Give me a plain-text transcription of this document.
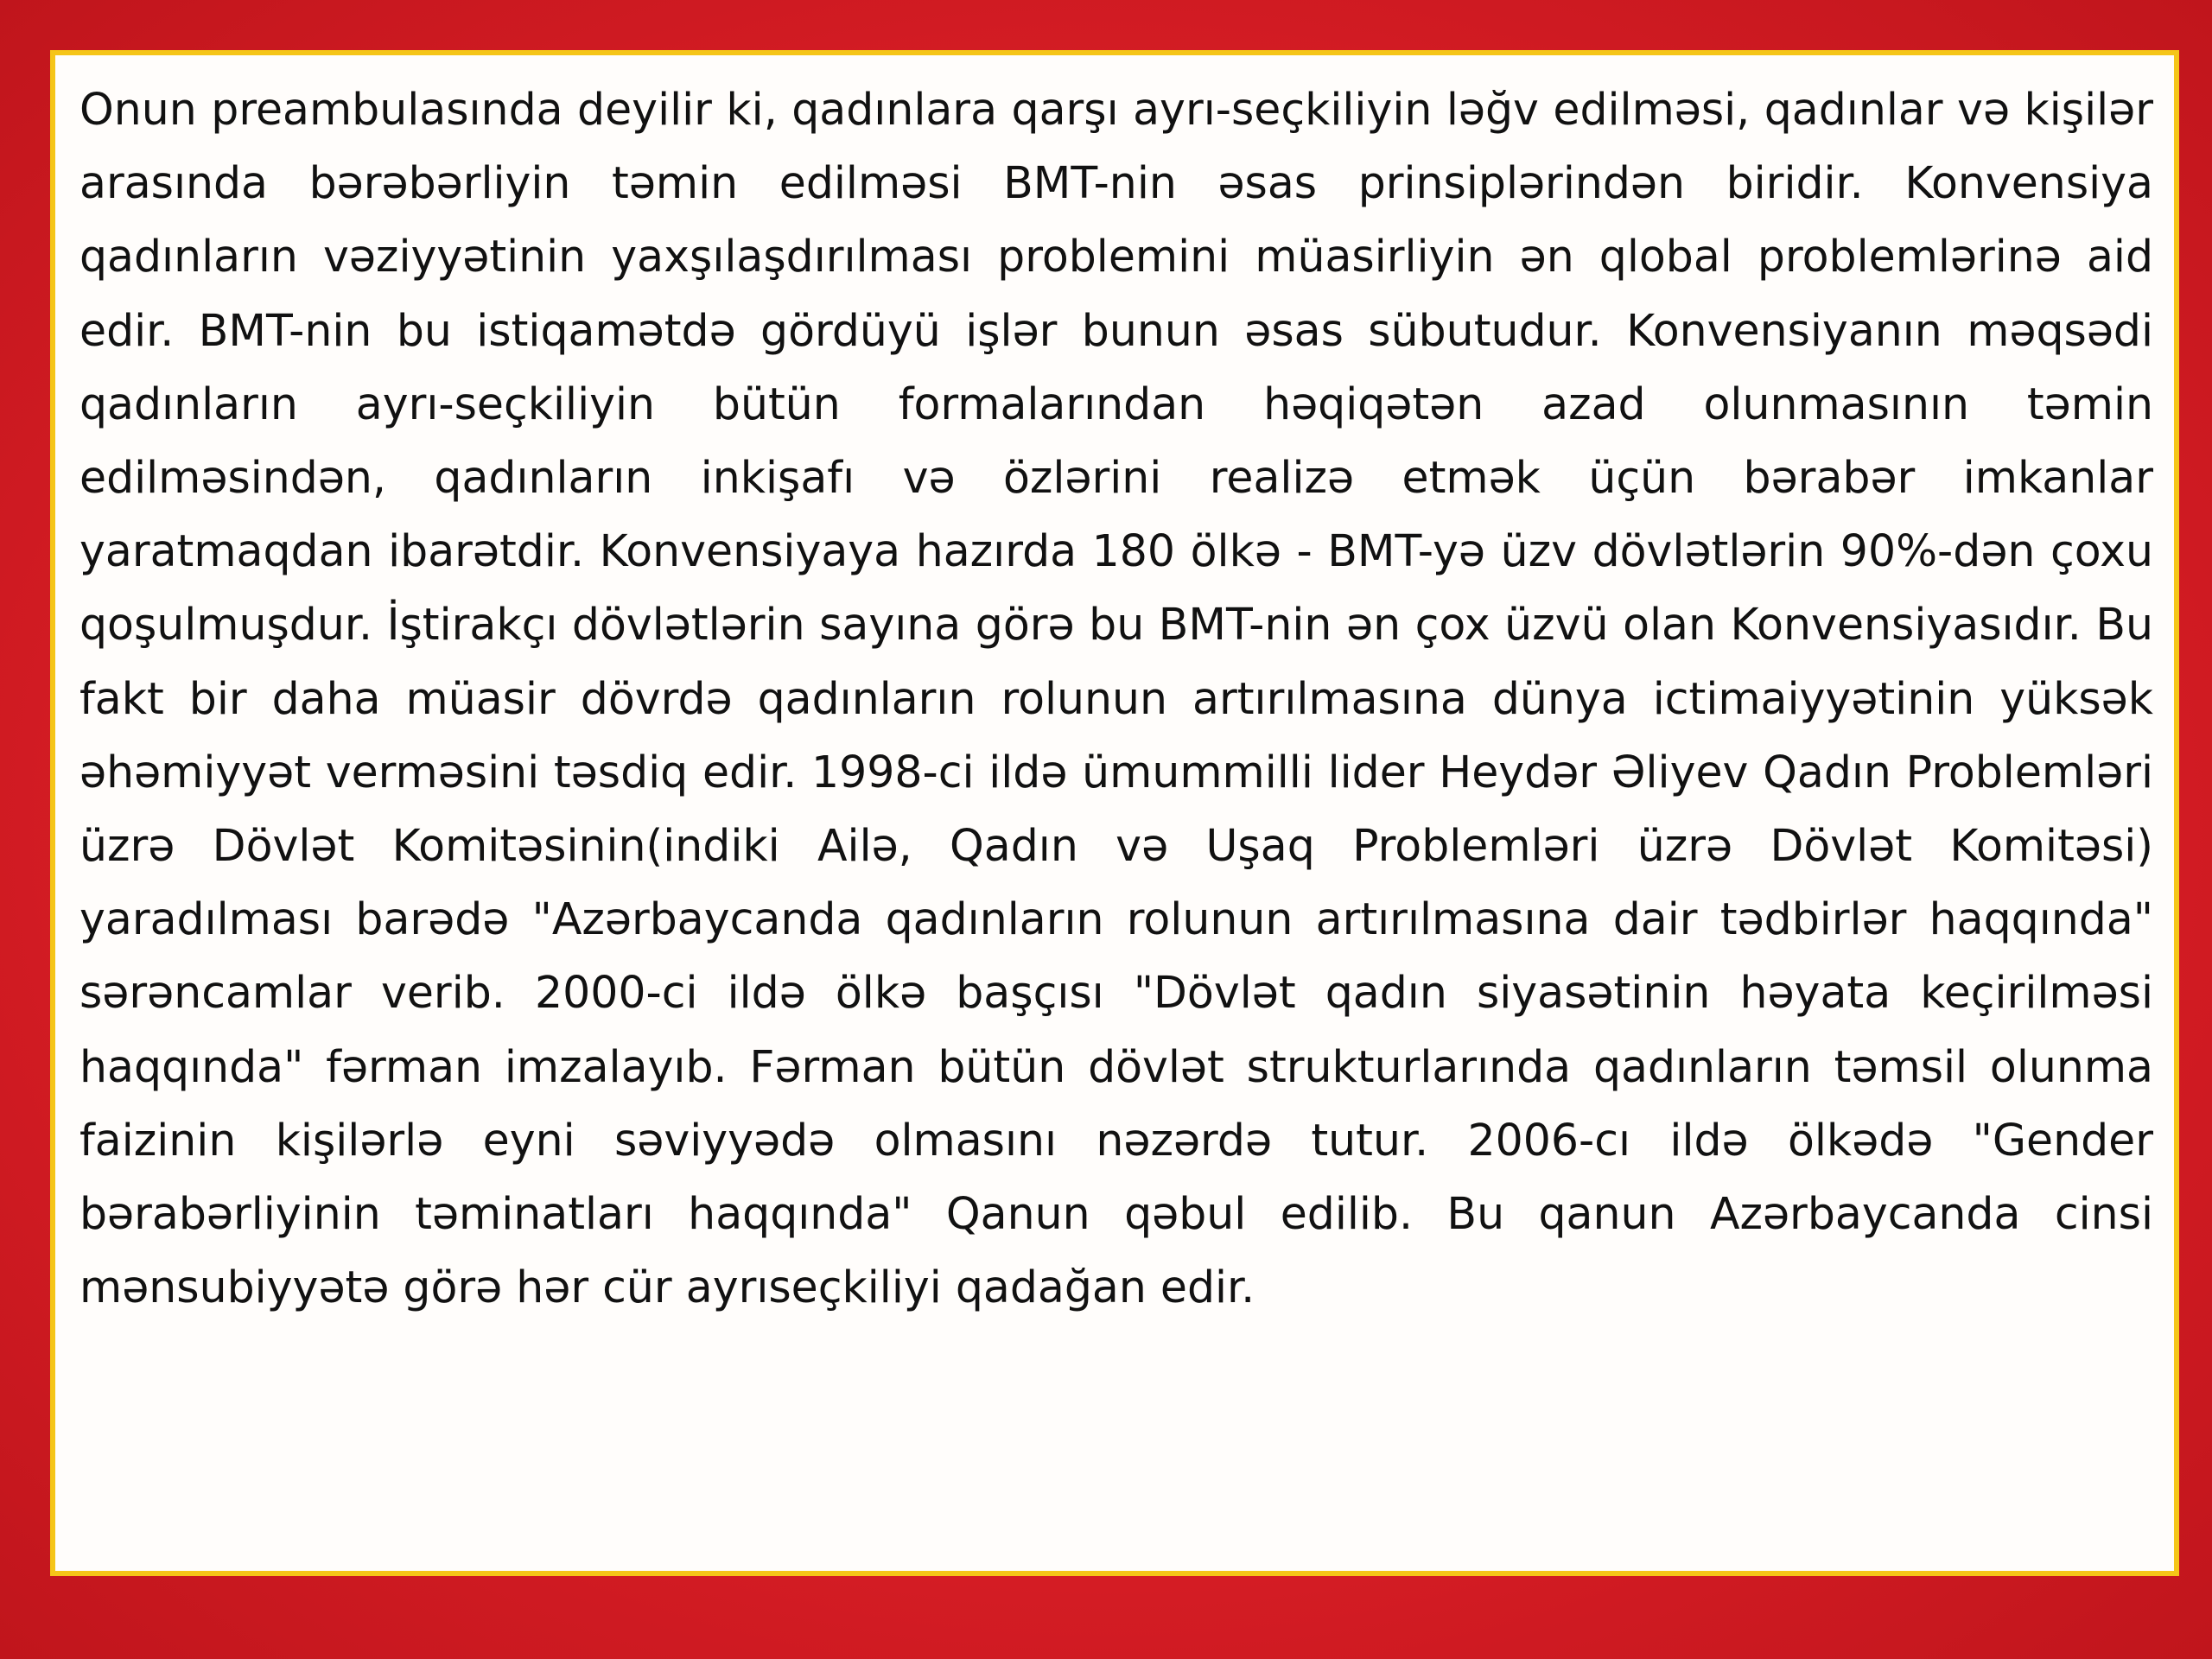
Onun preambulasında deyilir ki, qadınlara qarşı ayrı-seçkiliyin ləğv edilməsi, qadınlar və kişilər arasında bərəbərliyin təmin edilməsi BMT-nin əsas prinsiplərindən biridir. Konvensiya qadınların vəziyyətinin yaxşılaşdırılması problemini müasirliyin ən qlobal problemlərinə aid edir. BMT-nin bu istiqamətdə gördüyü işlər bunun əsas sübutudur. Konvensiyanın məqsədi qadınların ayrı-seçkiliyin bütün formalarından həqiqətən azad olunmasının təmin edilməsindən, qadınların inkişafı və özlərini realizə etmək üçün bərabər imkanlar yaratmaqdan ibarətdir. Konvensiyaya hazırda 180 ölkə - BMT-yə üzv dövlətlərin 90%-dən çoxu qoşulmuşdur. İştirakçı dövlətlərin sayına görə bu BMT-nin ən çox üzvü olan Konvensiyasıdır. Bu fakt bir daha müasir dövrdə qadınların rolunun artırılmasına dünya ictimaiyyətinin yüksək əhəmiyyət verməsini təsdiq edir. 1998-ci ildə ümummilli lider Heydər Əliyev Qadın Problemləri üzrə Dövlət Komitəsinin(indiki Ailə, Qadın və Uşaq Problemləri üzrə Dövlət Komitəsi) yaradılması barədə "Azərbaycanda qadınların rolunun artırılmasına dair tədbirlər haqqında" sərəncamlar verib. 2000-ci ildə ölkə başçısı "Dövlət qadın siyasətinin həyata keçirilməsi haqqında" fərman imzalayıb. Fərman bütün dövlət strukturlarında qadınların təmsil olunma faizinin kişilərlə eyni səviyyədə olmasını nəzərdə tutur. 2006-cı ildə ölkədə "Gender bərabərliyinin təminatları haqqında" Qanun qəbul edilib. Bu qanun Azərbaycanda cinsi mənsubiyyətə görə hər cür ayrıseçkiliyi qadağan edir.
